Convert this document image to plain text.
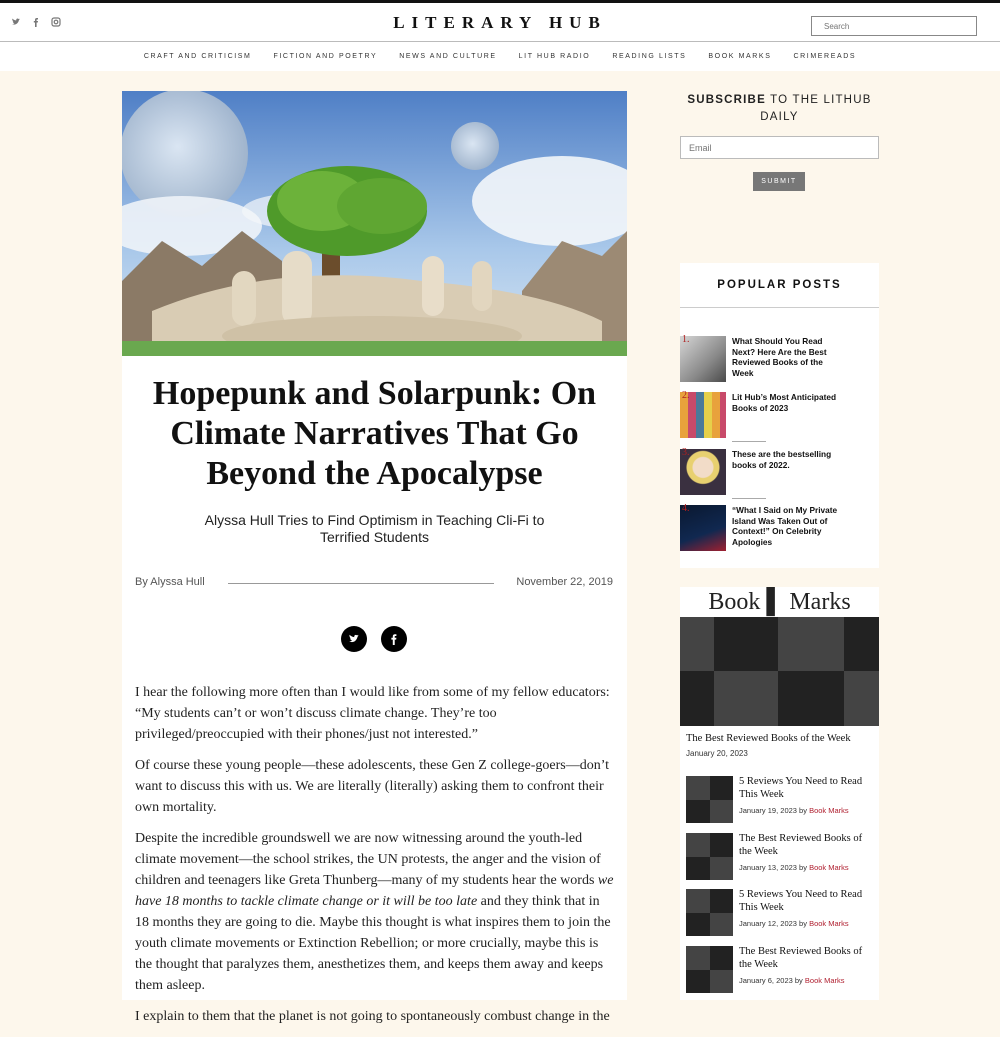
LITERARY HUB
Search
CRAFT AND CRITICISM	FICTION AND POETRY	NEWS AND CULTURE	LIT HUB RADIO	READING LISTS	BOOK MARKS	CRIMEREADS
Hopepunk and Solarpunk: On Climate Narratives That Go Beyond the Apocalypse
Alyssa Hull Tries to Find Optimism in Teaching Cli-Fi to Terrified Students
By Alyssa Hull	November 22, 2019

I hear the following more often than I would like from some of my fellow educators: “My students can’t or won’t discuss climate change. They’re too privileged/preoccupied with their phones/just not interested.”

Of course these young people—these adolescents, these Gen Z college-goers—don’t want to discuss this with us. We are literally (literally) asking them to confront their own mortality.

Despite the incredible groundswell we are now witnessing around the youth-led climate movement—the school strikes, the UN protests, the anger and the vision of children and teenagers like Greta Thunberg—many of my students hear the words we have 18 months to tackle climate change or it will be too late and they think that in 18 months they are going to die. Maybe this thought is what inspires them to join the youth climate movements or Extinction Rebellion; or more crucially, maybe this is the thought that paralyzes them, anesthetizes them, and keeps them away and keeps them asleep.

I explain to them that the planet is not going to spontaneously combust change in the

SUBSCRIBE TO THE LITHUB DAILY
Email
SUBMIT
POPULAR POSTS
1.	What Should You Read Next? Here Are the Best Reviewed Books of the Week
2.	Lit Hub’s Most Anticipated Books of 2023
3.	These are the bestselling books of 2022.
4.	“What I Said on My Private Island Was Taken Out of Context!” On Celebrity Apologies
Book ▌ Marks
The Best Reviewed Books of the Week
January 20, 2023
5 Reviews You Need to Read This Week
January 19, 2023 by Book Marks
The Best Reviewed Books of the Week
January 13, 2023 by Book Marks
5 Reviews You Need to Read This Week
January 12, 2023 by Book Marks
The Best Reviewed Books of the Week
January 6, 2023 by Book Marks
